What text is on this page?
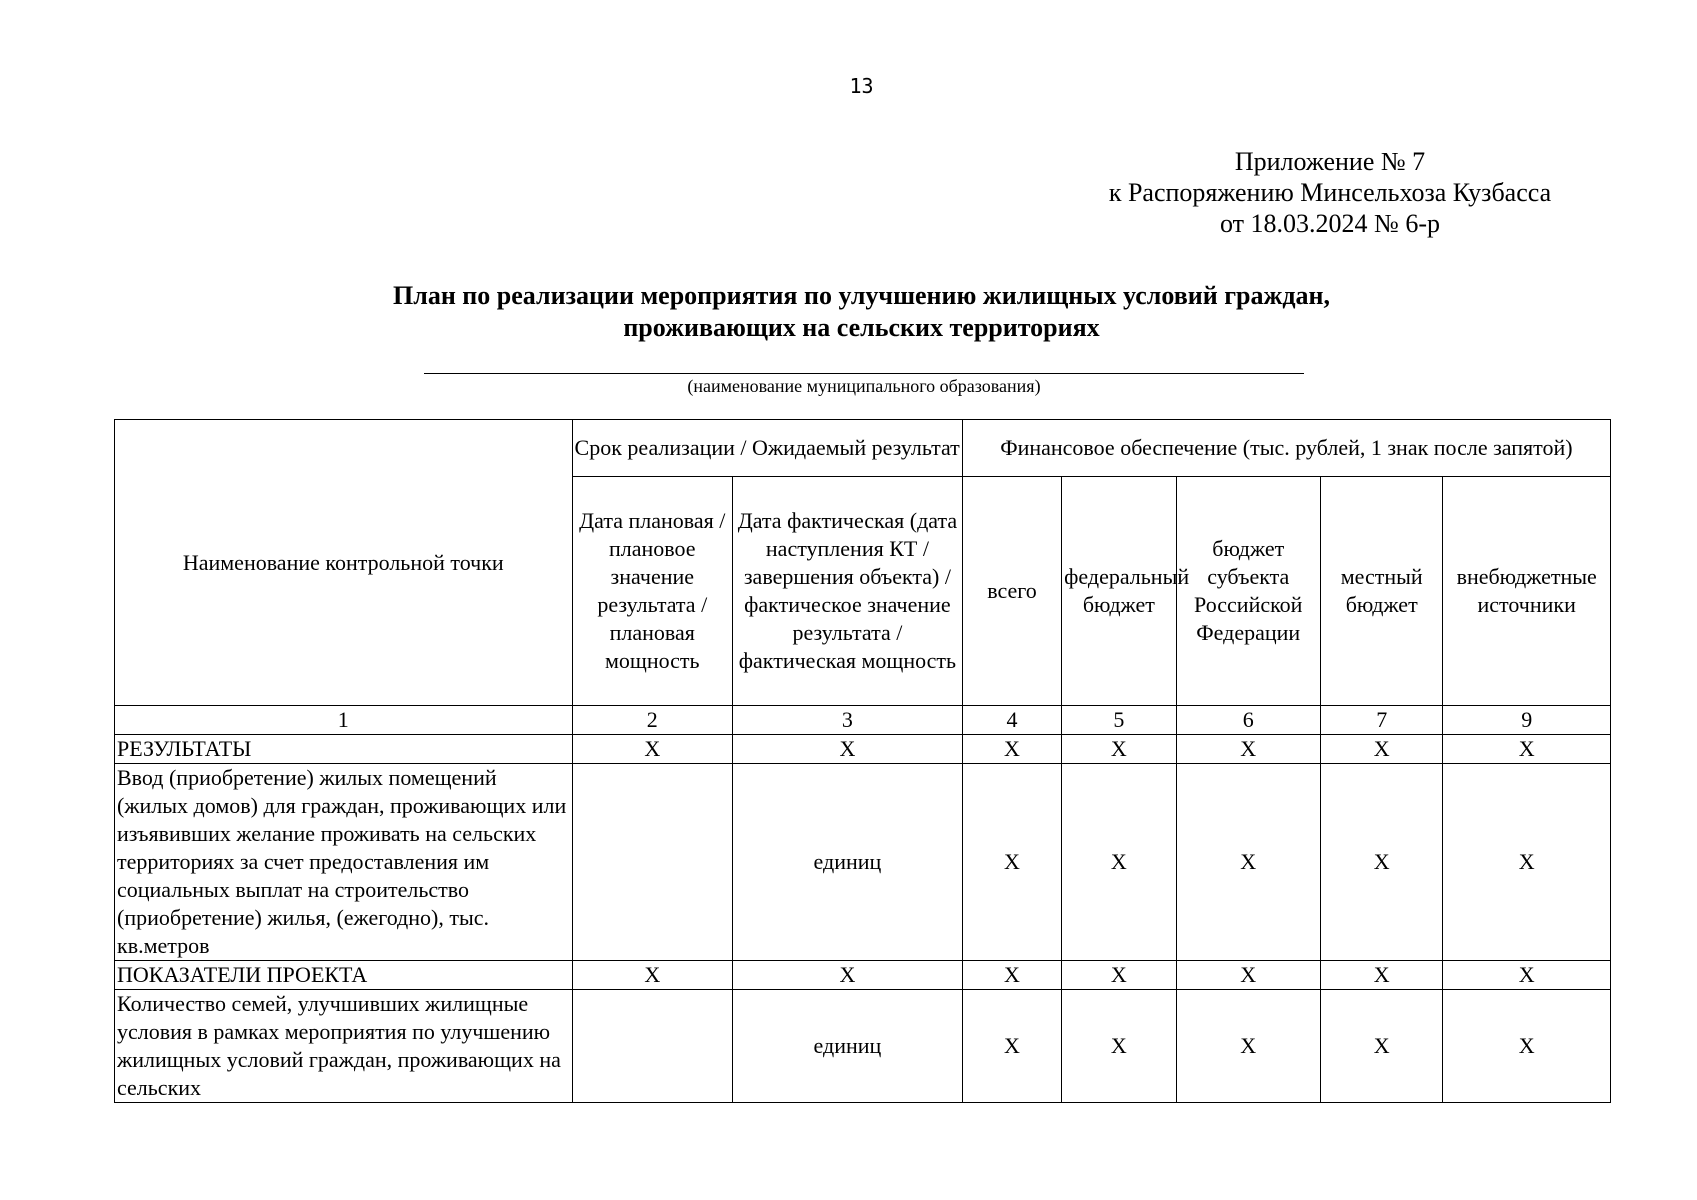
13
Приложение № 7
к Распоряжению Минсельхоза Кузбасса
от 18.03.2024 № 6-р
План по реализации мероприятия по улучшению жилищных условий граждан,
проживающих на сельских территориях
(наименование муниципального образования)
Наименование контрольной точки	Срок реализации / Ожидаемый результат		Финансовое обеспечение (тыс. рублей, 1 знак после запятой)				
	Дата плановая / плановое значение результата / плановая мощность	Дата фактическая (дата наступления КТ / завершения объекта) / фактическое значение результата / фактическая мощность	всего	федеральный бюджет	бюджет субъекта Российской Федерации	местный бюджет	внебюджетные источники
1	2	3	4	5	6	7	9
РЕЗУЛЬТАТЫ	Х	Х	Х	Х	Х	Х	Х
Ввод (приобретение) жилых помещений (жилых домов) для граждан, проживающих или изъявивших желание проживать на сельских территориях за счет предоставления им социальных выплат на строительство (приобретение) жилья, (ежегодно), тыс. кв.метров		единиц	Х	Х	Х	Х	Х
ПОКАЗАТЕЛИ ПРОЕКТА	Х	Х	Х	Х	Х	Х	Х

Количество семей, улучшивших жилищные условия в рамках мероприятия по улучшению жилищных условий граждан, проживающих на сельских		единиц	Х	Х	Х	Х	Х
